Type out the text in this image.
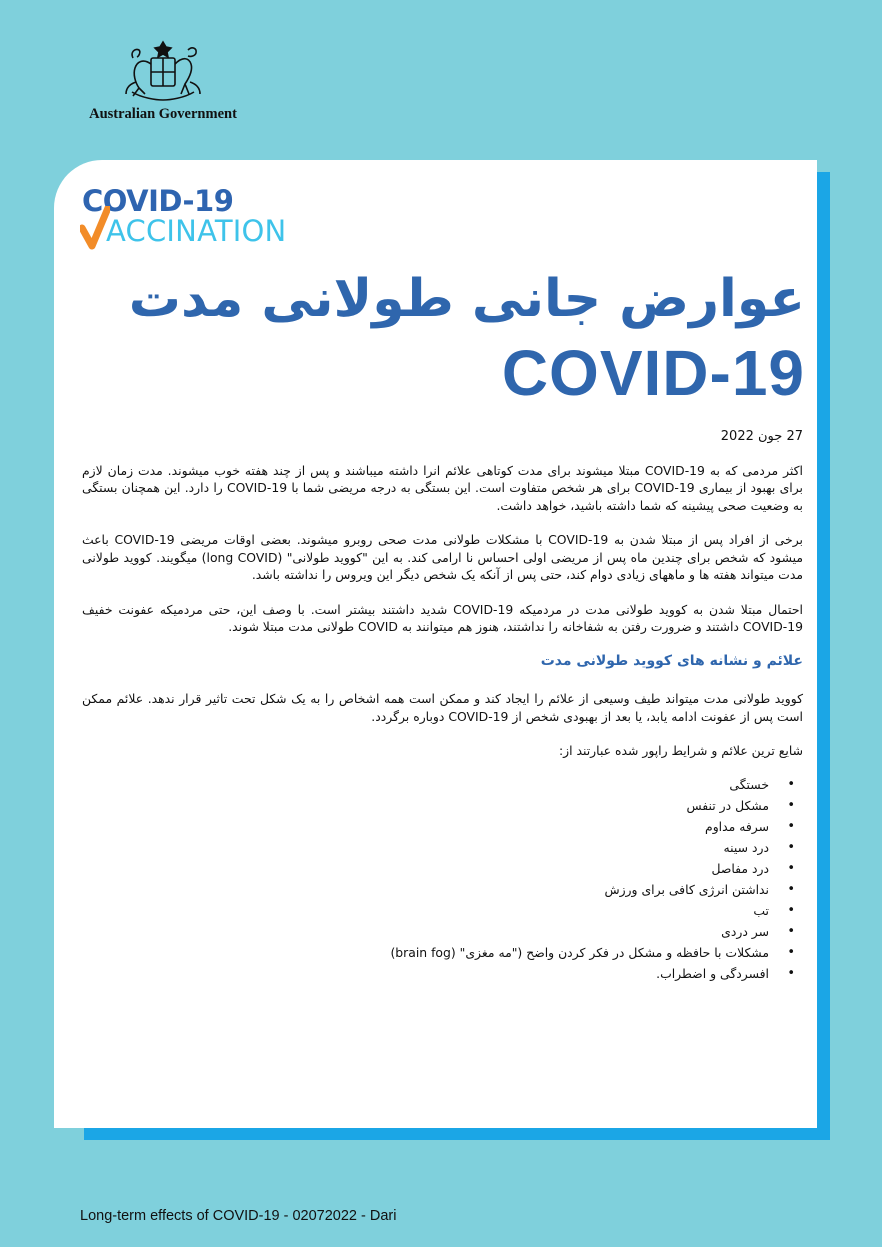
Australian Government
COVID-19
ACCINATION
عوارض جانی طولانی مدت
COVID-19

27 جون 2022

اکثر مردمی که به COVID-19 مبتلا میشوند برای مدت کوتاهی علائم انرا داشته میباشند و پس از چند هفته خوب میشوند. مدت زمان لازم برای بهبود از بیماری COVID-19 برای هر شخص متفاوت است. این بستگی به درجه مریضی شما با COVID-19 را دارد. این همچنان بستگی به وضعیت صحی پیشینه که شما داشته باشید، خواهد داشت.

برخی از افراد پس از مبتلا شدن به COVID-19 با مشکلات طولانی مدت صحی روبرو میشوند. بعضی اوقات مریضی COVID-19 باعث میشود که شخص برای چندین ماه پس از مریضی اولی احساس نا ارامی کند. به این "کووید طولانی" (long COVID) میگویند. کووید طولانی مدت میتواند هفته ها و ماههای زیادی دوام کند، حتی پس از آنکه یک شخص دیگر این ویروس را نداشته باشد.

احتمال مبتلا شدن به کووید طولانی مدت در مردمیکه COVID-19 شدید داشتند بیشتر است. با وصف این، حتی مردمیکه عفونت خفیف COVID-19 داشتند و ضرورت رفتن به شفاخانه را نداشتند، هنوز هم میتوانند به COVID طولانی مدت مبتلا شوند.

علائم و نشانه های کووید طولانی مدت

کووید طولانی مدت میتواند طیف وسیعی از علائم را ایجاد کند و ممکن است همه اشخاص را به یک شکل تحت تاثیر قرار ندهد. علائم ممکن است پس از عفونت ادامه یابد، یا بعد از بهبودی شخص از COVID-19 دوباره برگردد.

شایع ترین علائم و شرایط راپور شده عبارتند از:

• خستگی
• مشکل در تنفس
• سرفه مداوم
• درد سینه
• درد مفاصل
• نداشتن انرژی کافی برای ورزش
• تب
• سر دردی
• مشکلات با حافظه و مشکل در فکر کردن واضح ("مه مغزی" (brain fog)
• افسردگی و اضطراب.
Long-term effects of COVID-19 - 02072022 - Dari
